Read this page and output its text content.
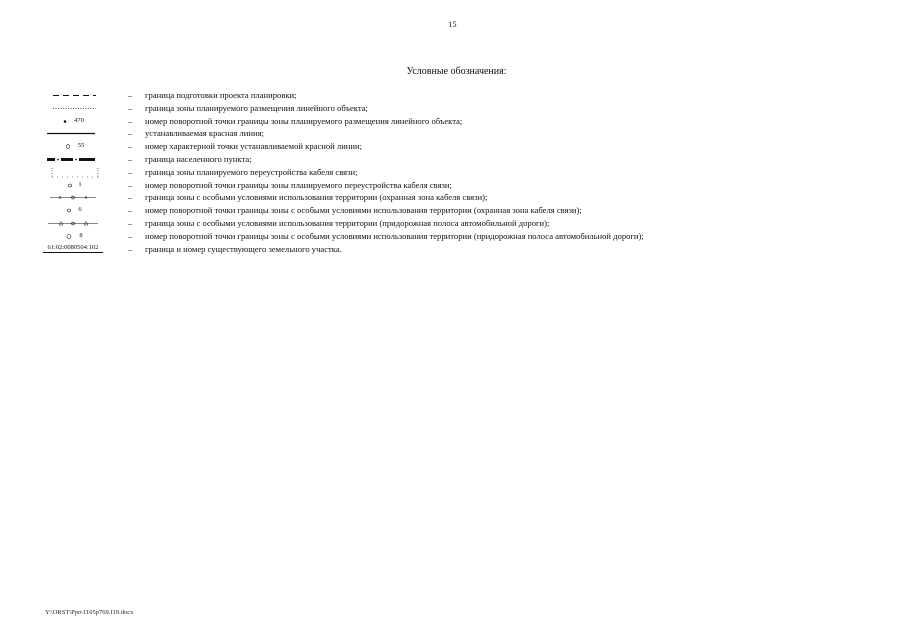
15
Условные обозначения:
– граница подготовки проекта планировки;
– граница зоны планируемого размещения линейного объекта;
470	– номер поворотной точки границы зоны планируемого размещения линейного объекта;
– устанавливаемая красная линия;
55	– номер характерной точки устанавливаемой красной линии;
– граница населенного пункта;
– граница зоны планируемого переустройства кабеля связи;
1	– номер поворотной точки границы зоны планируемого переустройства кабеля связи;
– граница зоны с особыми условиями использования территории (охранная зона кабеля связи);
6	– номер поворотной точки границы зоны с особыми условиями использования территории (охранная зона кабеля связи);
– граница зоны с особыми условиями использования территории (придорожная полоса автомобильной дороги);
8	– номер поворотной точки границы зоны с особыми условиями использования территории (придорожная полоса автомобильной дороги);
61:02:0080504:102	– граница и номер существующего земельного участка.
Y:\ORST\Ppo\1105p769.f19.docx
